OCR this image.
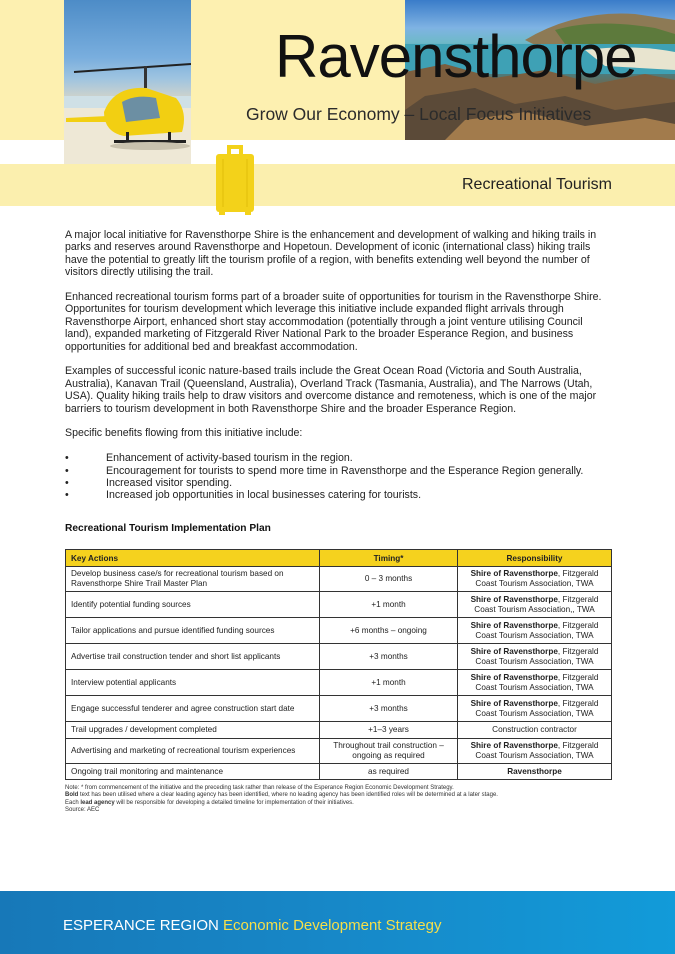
Ravensthorpe
Grow Our Economy – Local Focus Initiatives
Recreational Tourism

A major local initiative for Ravensthorpe Shire is the enhancement and development of walking and hiking trails in parks and reserves around Ravensthorpe and Hopetoun. Development of iconic (international class) hiking trails have the potential to greatly lift the tourism profile of a region, with benefits extending well beyond the number of visitors directly utilising the trail.

Enhanced recreational tourism forms part of a broader suite of opportunities for tourism in the Ravensthorpe Shire. Opportunites for tourism development which leverage this initiative include expanded flight arrivals through Ravensthorpe Airport, enhanced short stay accommodation (potentially through a joint venture utilising Council land), expanded marketing of Fitzgerald River National Park to the broader Esperance Region, and business opportunities for additional bed and breakfast accommodation.

Examples of successful iconic nature-based trails include the Great Ocean Road (Victoria and South Australia, Australia), Kanavan Trail (Queensland, Australia), Overland Track (Tasmania, Australia), and The Narrows (Utah, USA). Quality hiking trails help to draw visitors and overcome distance and remoteness, which is one of the major barriers to tourism development in both Ravensthorpe Shire and the broader Esperance Region.

Specific benefits flowing from this initiative include:

• Enhancement of activity-based tourism in the region.
• Encouragement for tourists to spend more time in Ravensthorpe and the Esperance Region generally.
• Increased visitor spending.
• Increased job opportunities in local businesses catering for tourists.
Recreational Tourism Implementation Plan
Key Actions	Timing*	Responsibility
Develop business case/s for recreational tourism based on Ravensthorpe Shire Trail Master Plan	0 – 3 months	Shire of Ravensthorpe, Fitzgerald Coast Tourism Association, TWA
Identify potential funding sources	+1 month	Shire of Ravensthorpe, Fitzgerald Coast Tourism Association,, TWA
Tailor applications and pursue identified funding sources	+6 months – ongoing	Shire of Ravensthorpe, Fitzgerald Coast Tourism Association, TWA
Advertise trail construction tender and short list applicants	+3 months	Shire of Ravensthorpe, Fitzgerald Coast Tourism Association, TWA
Interview potential applicants	+1 month	Shire of Ravensthorpe, Fitzgerald Coast Tourism Association, TWA
Engage successful tenderer and agree construction start date	+3 months	Shire of Ravensthorpe, Fitzgerald Coast Tourism Association, TWA
Trail upgrades / development completed	+1–3 years	Construction contractor
Advertising and marketing of recreational tourism experiences	Throughout trail construction – ongoing as required	Shire of Ravensthorpe, Fitzgerald Coast Tourism Association, TWA
Ongoing trail monitoring and maintenance	as required	Ravensthorpe
Note: * from commencement of the initiative and the preceding task rather than release of the Esperance Region Economic Development Strategy.
Bold text has been utilised where a clear leading agency has been identified, where no leading agency has been identified roles will be determined at a later stage.
Each lead agency will be responsible for developing a detailed timeline for implementation of their initiatives.
Source: AEC
ESPERANCE REGION Economic Development Strategy
